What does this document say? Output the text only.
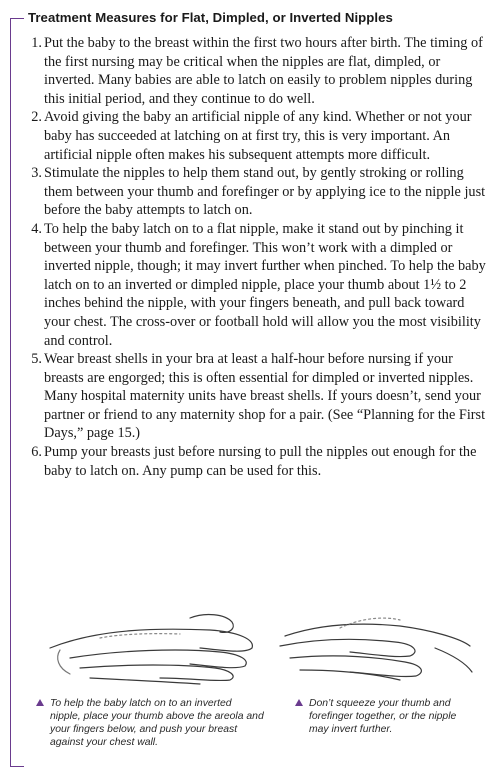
Treatment Measures for Flat, Dimpled, or Inverted Nipples
1. Put the baby to the breast within the first two hours after birth. The timing of the first nursing may be critical when the nipples are flat, dimpled, or inverted. Many babies are able to latch on easily to problem nipples during this initial period, and they continue to do well.
2. Avoid giving the baby an artificial nipple of any kind. Whether or not your baby has succeeded at latching on at first try, this is very important. An artificial nipple often makes his subsequent attempts more difficult.
3. Stimulate the nipples to help them stand out, by gently stroking or rolling them between your thumb and forefinger or by applying ice to the nipple just before the baby attempts to latch on.
4. To help the baby latch on to a flat nipple, make it stand out by pinching it between your thumb and forefinger. This won’t work with a dimpled or inverted nipple, though; it may invert further when pinched. To help the baby latch on to an inverted or dimpled nipple, place your thumb about 1½ to 2 inches behind the nipple, with your fingers beneath, and pull back toward your chest. The cross-over or football hold will allow you the most visibility and control.
5. Wear breast shells in your bra at least a half-hour before nursing if your breasts are engorged; this is often essential for dimpled or inverted nipples. Many hospital maternity units have breast shells. If yours doesn’t, send your partner or friend to any maternity shop for a pair. (See “Planning for the First Days,” page 15.)
6. Pump your breasts just before nursing to pull the nipples out enough for the baby to latch on. Any pump can be used for this.
To help the baby latch on to an inverted nipple, place your thumb above the areola and your fingers below, and push your breast against your chest wall.
Don’t squeeze your thumb and forefinger together, or the nipple may invert further.
